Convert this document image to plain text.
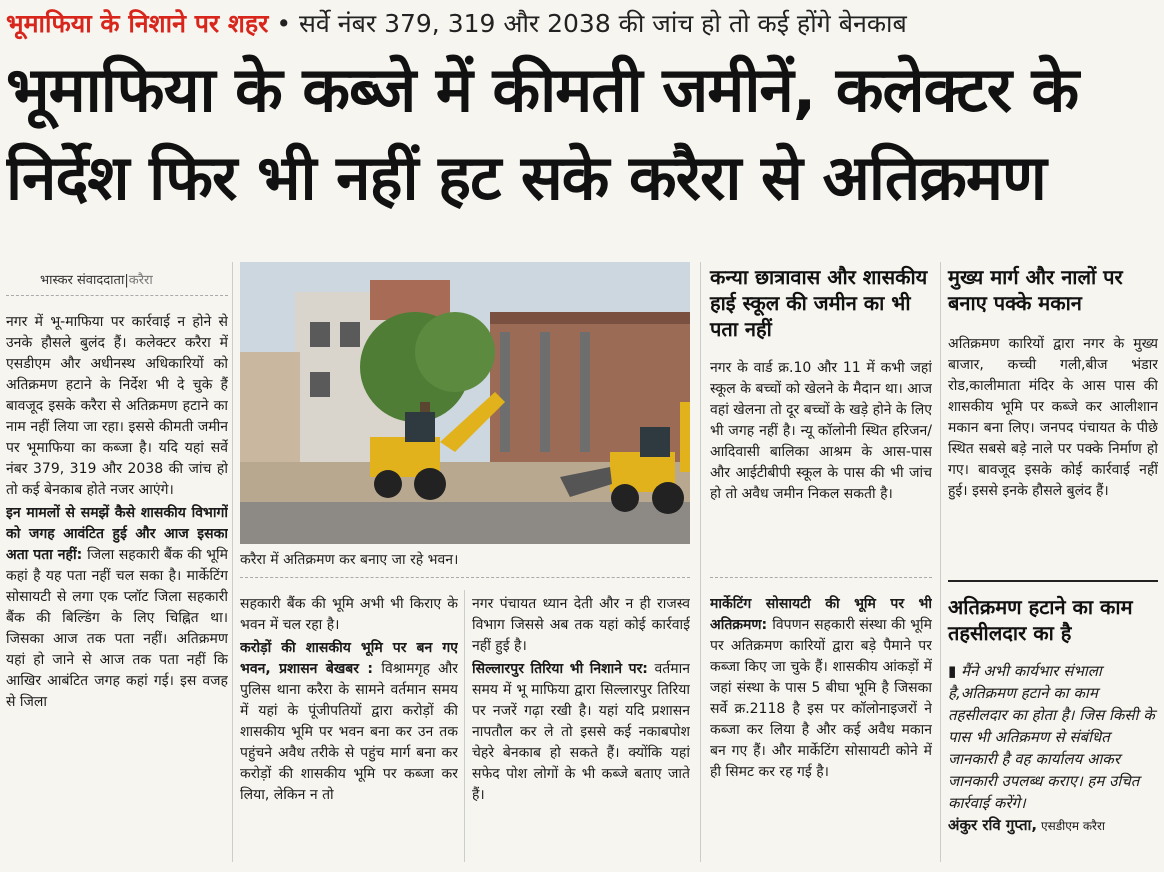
भूमाफिया के निशाने पर शहर • सर्वे नंबर 379, 319 और 2038 की जांच हो तो कई होंगे बेनकाब
भूमाफिया के कब्जे में कीमती जमीनें, कलेक्टर के
निर्देश फिर भी नहीं हट सके करैरा से अतिक्रमण
भास्कर संवाददाता|करैरा

नगर में भू-माफिया पर कार्रवाई न होने से उनके हौसले बुलंद हैं। कलेक्टर करैरा में एसडीएम और अधीनस्थ अधिकारियों को अतिक्रमण हटाने के निर्देश भी दे चुके हैं बावजूद इसके करैरा से अतिक्रमण हटाने का नाम नहीं लिया जा रहा। इससे कीमती जमीन पर भूमाफिया का कब्जा है। यदि यहां सर्वे नंबर 379, 319 और 2038 की जांच हो तो कई बेनकाब होते नजर आएंगे।

इन मामलों से समझें कैसे शासकीय विभागों को जगह आवंटित हुई और आज इसका अता पता नहीं: जिला सहकारी बैंक की भूमि कहां है यह पता नहीं चल सका है। मार्केटिंग सोसायटी से लगा एक प्लॉट जिला सहकारी बैंक की बिल्डिंग के लिए चिह्नित था। जिसका आज तक पता नहीं। अतिक्रमण यहां हो जाने से आज तक पता नहीं कि आखिर आबंटित जगह कहां गई। इस वजह से जिला

करैरा में अतिक्रमण कर बनाए जा रहे भवन।

सहकारी बैंक की भूमि अभी भी किराए के भवन में चल रहा है।

करोड़ों की शासकीय भूमि पर बन गए भवन, प्रशासन बेखबर : विश्रामगृह और पुलिस थाना करैरा के सामने वर्तमान समय में यहां के पूंजीपतियों द्वारा करोड़ों की शासकीय भूमि पर भवन बना कर उन तक पहुंचने अवैध तरीके से पहुंच मार्ग बना कर करोड़ों की शासकीय भूमि पर कब्जा कर लिया, लेकिन न तो

नगर पंचायत ध्यान देती और न ही राजस्व विभाग जिससे अब तक यहां कोई कार्रवाई नहीं हुई है।

सिल्लारपुर तिरिया भी निशाने पर: वर्तमान समय में भू माफिया द्वारा सिल्लारपुर तिरिया पर नजरें गढ़ा रखी है। यहां यदि प्रशासन नापतौल कर ले तो इससे कई नकाबपोश चेहरे बेनकाब हो सकते हैं। क्योंकि यहां सफेद पोश लोगों के भी कब्जे बताए जाते हैं।

कन्या छात्रावास और शासकीय हाई स्कूल की जमीन का भी पता नहीं

नगर के वार्ड क्र.10 और 11 में कभी जहां स्कूल के बच्चों को खेलने के मैदान था। आज वहां खेलना तो दूर बच्चों के खड़े होने के लिए भी जगह नहीं है। न्यू कॉलोनी स्थित हरिजन/आदिवासी बालिका आश्रम के आस-पास और आईटीबीपी स्कूल के पास की भी जांच हो तो अवैध जमीन निकल सकती है।

मार्केटिंग सोसायटी की भूमि पर भी अतिक्रमण: विपणन सहकारी संस्था की भूमि पर अतिक्रमण कारियों द्वारा बड़े पैमाने पर कब्जा किए जा चुके हैं। शासकीय आंकड़ों में जहां संस्था के पास 5 बीघा भूमि है जिसका सर्वे क्र.2118 है इस पर कॉलोनाइजरों ने कब्जा कर लिया है और कई अवैध मकान बन गए हैं। और मार्केटिंग सोसायटी कोने में ही सिमट कर रह गई है।

मुख्य मार्ग और नालों पर बनाए पक्के मकान

अतिक्रमण कारियों द्वारा नगर के मुख्य बाजार, कच्ची गली,बीज भंडार रोड,कालीमाता मंदिर के आस पास की शासकीय भूमि पर कब्जे कर आलीशान मकान बना लिए। जनपद पंचायत के पीछे स्थित सबसे बड़े नाले पर पक्के निर्माण हो गए। बावजूद इसके कोई कार्रवाई नहीं हुई। इससे इनके हौसले बुलंद हैं।

अतिक्रमण हटाने का काम तहसीलदार का है
▮ मैंने अभी कार्यभार संभाला है,अतिक्रमण हटाने का काम तहसीलदार का होता है। जिस किसी के पास भी अतिक्रमण से संबंधित जानकारी है वह कार्यालय आकर जानकारी उपलब्ध कराए। हम उचित कार्रवाई करेंगे।
अंकुर रवि गुप्ता, एसडीएम करैरा
